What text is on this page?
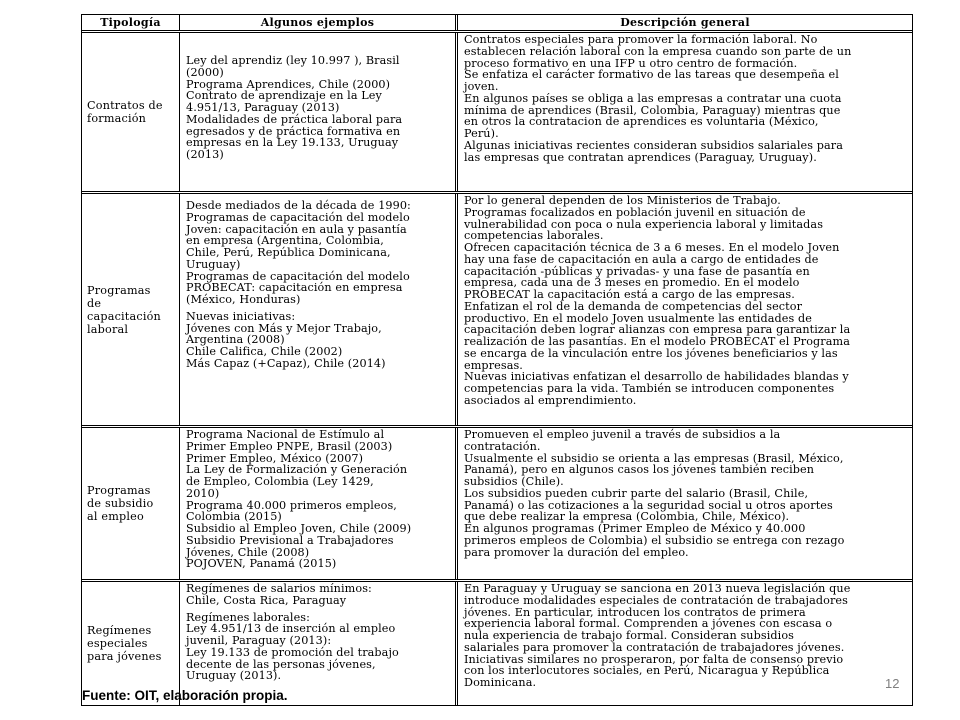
Tipología	Algunos ejemplos	Descripción general
Contratos de
formación
Ley del aprendiz (ley 10.997 ), Brasil
(2000)
Programa Aprendices, Chile (2000)
Contrato de aprendizaje en la Ley
4.951/13, Paraguay (2013)
Modalidades de práctica laboral para
egresados y de práctica formativa en
empresas en la Ley 19.133, Uruguay
(2013)
Contratos especiales para promover la formación laboral. No
establecen relación laboral con la empresa cuando son parte de un
proceso formativo en una IFP u otro centro de formación.
Se enfatiza el carácter formativo de las tareas que desempeña el
joven.
En algunos países se obliga a las empresas a contratar una cuota
mínima de aprendices (Brasil, Colombia, Paraguay) mientras que
en otros la contratacion de aprendices es voluntaria (México,
Perú).
Algunas iniciativas recientes consideran subsidios salariales para
las empresas que contratan aprendices (Paraguay, Uruguay).
Programas
de
capacitación
laboral
Desde mediados de la década de 1990:
Programas de capacitación del modelo
Joven: capacitación en aula y pasantía
en empresa (Argentina, Colombia,
Chile, Perú, República Dominicana,
Uruguay)
Programas de capacitación del modelo
PROBECAT: capacitación en empresa
(México, Honduras)
Nuevas iniciativas:
Jóvenes con Más y Mejor Trabajo,
Argentina (2008)
Chile Califica, Chile (2002)
Más Capaz (+Capaz), Chile (2014)
Por lo general dependen de los Ministerios de Trabajo.
Programas focalizados en población juvenil en situación de
vulnerabilidad con poca o nula experiencia laboral y limitadas
competencias laborales.
Ofrecen capacitación técnica de 3 a 6 meses. En el modelo Joven
hay una fase de capacitación en aula a cargo de entidades de
capacitación -públicas y privadas- y una fase de pasantía en
empresa, cada una de 3 meses en promedio. En el modelo
PROBECAT la capacitación está a cargo de las empresas.
Enfatizan el rol de la demanda de competencias del sector
productivo. En el modelo Joven usualmente las entidades de
capacitación deben lograr alianzas con empresa para garantizar la
realización de las pasantías. En el modelo PROBECAT el Programa
se encarga de la vinculación entre los jóvenes beneficiarios y las
empresas.
Nuevas iniciativas enfatizan el desarrollo de habilidades blandas y
competencias para la vida. También se introducen componentes
asociados al emprendimiento.
Programas
de subsidio
al empleo
Programa Nacional de Estímulo al
Primer Empleo PNPE, Brasil (2003)
Primer Empleo, México (2007)
La Ley de Formalización y Generación
de Empleo, Colombia (Ley 1429,
2010)
Programa 40.000 primeros empleos,
Colombia (2015)
Subsidio al Empleo Joven, Chile (2009)
Subsidio Previsional a Trabajadores
Jóvenes, Chile (2008)
POJOVEN, Panamá (2015)
Promueven el empleo juvenil a través de subsidios a la
contratación.
Usualmente el subsidio se orienta a las empresas (Brasil, México,
Panamá), pero en algunos casos los jóvenes también reciben
subsidios (Chile).
Los subsidios pueden cubrir parte del salario (Brasil, Chile,
Panamá) o las cotizaciones a la seguridad social u otros aportes
que debe realizar la empresa (Colombia, Chile, México).
En algunos programas (Primer Empleo de México y 40.000
primeros empleos de Colombia) el subsidio se entrega con rezago
para promover la duración del empleo.
Regímenes
especiales
para jóvenes
Regímenes de salarios mínimos:
Chile, Costa Rica, Paraguay
Regímenes laborales:
Ley 4.951/13 de inserción al empleo
juvenil, Paraguay (2013):
Ley 19.133 de promoción del trabajo
decente de las personas jóvenes,
Uruguay (2013).
En Paraguay y Uruguay se sanciona en 2013 nueva legislación que
introduce modalidades especiales de contratación de trabajadores
jóvenes. En particular, introducen los contratos de primera
experiencia laboral formal. Comprenden a jóvenes con escasa o
nula experiencia de trabajo formal. Consideran subsidios
salariales para promover la contratación de trabajadores jóvenes.
Iniciativas similares no prosperaron, por falta de consenso previo
con los interlocutores sociales, en Perú, Nicaragua y República
Dominicana.
Fuente: OIT, elaboración propia.
12
